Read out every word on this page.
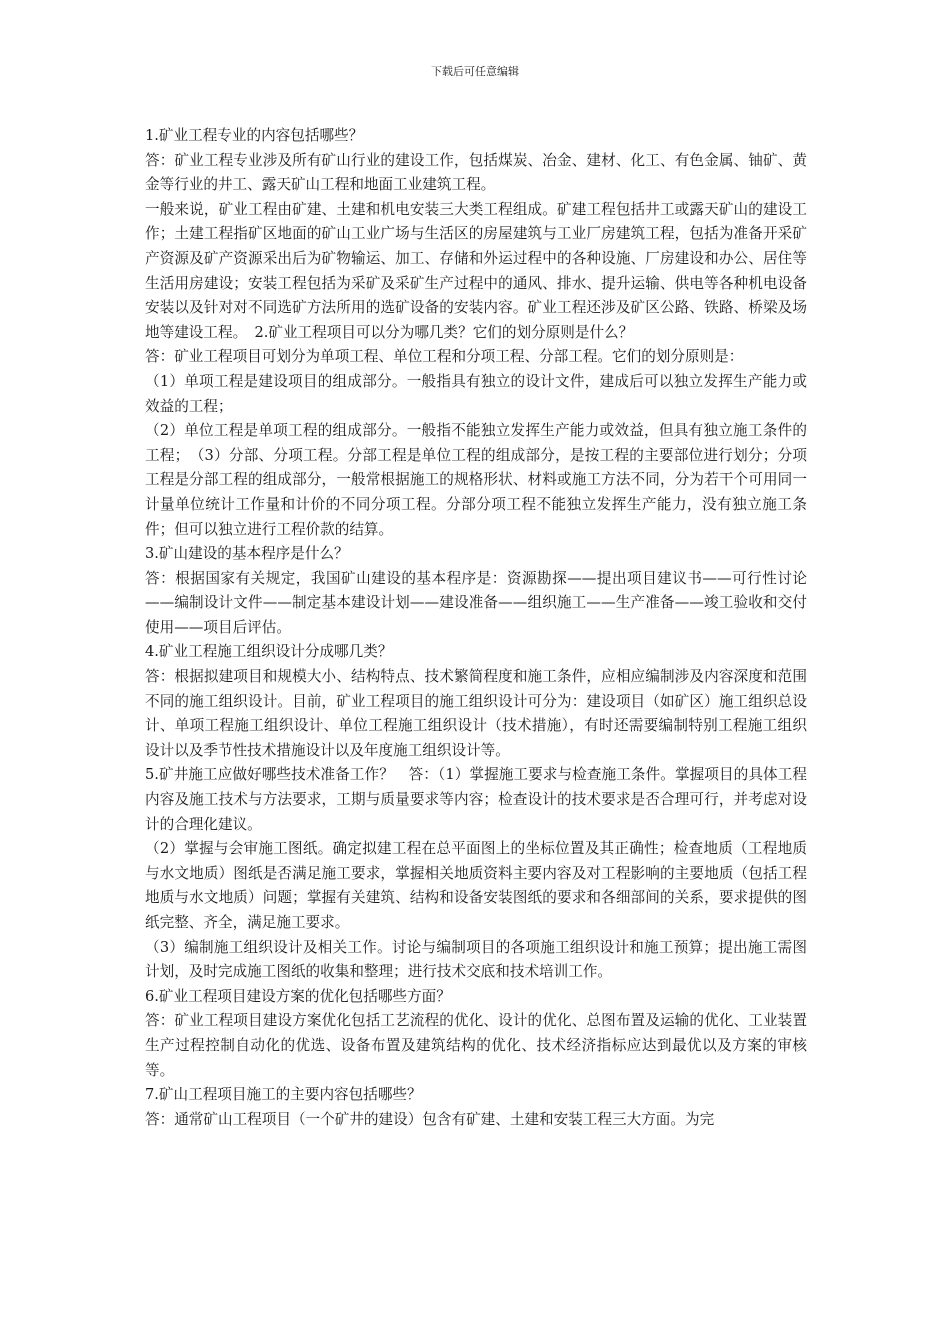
下载后可任意编辑

1.矿业工程专业的内容包括哪些？

答：矿业工程专业涉及所有矿山行业的建设工作，包括煤炭、冶金、建材、化工、有色金属、铀矿、黄金等行业的井工、露天矿山工程和地面工业建筑工程。

一般来说，矿业工程由矿建、土建和机电安装三大类工程组成。矿建工程包括井工或露天矿山的建设工作；土建工程指矿区地面的矿山工业广场与生活区的房屋建筑与工业厂房建筑工程，包括为准备开采矿产资源及矿产资源采出后为矿物输运、加工、存储和外运过程中的各种设施、厂房建设和办公、居住等生活用房建设；安装工程包括为采矿及采矿生产过程中的通风、排水、提升运输、供电等各种机电设备安装以及针对对不同选矿方法所用的选矿设备的安装内容。矿业工程还涉及矿区公路、铁路、桥梁及场地等建设工程。　2.矿业工程项目可以分为哪几类？它们的划分原则是什么？

答：矿业工程项目可划分为单项工程、单位工程和分项工程、分部工程。它们的划分原则是：

（1）单项工程是建设项目的组成部分。一般指具有独立的设计文件，建成后可以独立发挥生产能力或效益的工程；

（2）单位工程是单项工程的组成部分。一般指不能独立发挥生产能力或效益，但具有独立施工条件的工程；　（3）分部、分项工程。分部工程是单位工程的组成部分，是按工程的主要部位进行划分；分项工程是分部工程的组成部分，一般常根据施工的规格形状、材料或施工方法不同，分为若干个可用同一计量单位统计工作量和计价的不同分项工程。分部分项工程不能独立发挥生产能力，没有独立施工条件；但可以独立进行工程价款的结算。

3.矿山建设的基本程序是什么？

答：根据国家有关规定，我国矿山建设的基本程序是：资源勘探——提出项目建议书——可行性讨论——编制设计文件——制定基本建设计划——建设准备——组织施工——生产准备——竣工验收和交付使用——项目后评估。

4.矿业工程施工组织设计分成哪几类？

答：根据拟建项目和规模大小、结构特点、技术繁简程度和施工条件，应相应编制涉及内容深度和范围不同的施工组织设计。目前，矿业工程项目的施工组织设计可分为：建设项目（如矿区）施工组织总设计、单项工程施工组织设计、单位工程施工组织设计（技术措施），有时还需要编制特别工程施工组织设计以及季节性技术措施设计以及年度施工组织设计等。

5.矿井施工应做好哪些技术准备工作？　答：（1）掌握施工要求与检查施工条件。掌握项目的具体工程内容及施工技术与方法要求，工期与质量要求等内容；检查设计的技术要求是否合理可行，并考虑对设计的合理化建议。

（2）掌握与会审施工图纸。确定拟建工程在总平面图上的坐标位置及其正确性；检查地质（工程地质与水文地质）图纸是否满足施工要求，掌握相关地质资料主要内容及对工程影响的主要地质（包括工程地质与水文地质）问题；掌握有关建筑、结构和设备安装图纸的要求和各细部间的关系，要求提供的图纸完整、齐全，满足施工要求。

（3）编制施工组织设计及相关工作。讨论与编制项目的各项施工组织设计和施工预算；提出施工需图计划，及时完成施工图纸的收集和整理；进行技术交底和技术培训工作。

6.矿业工程项目建设方案的优化包括哪些方面？

答：矿业工程项目建设方案优化包括工艺流程的优化、设计的优化、总图布置及运输的优化、工业装置生产过程控制自动化的优选、设备布置及建筑结构的优化、技术经济指标应达到最优以及方案的审核等。

7.矿山工程项目施工的主要内容包括哪些？

答：通常矿山工程项目（一个矿井的建设）包含有矿建、土建和安装工程三大方面。为完
